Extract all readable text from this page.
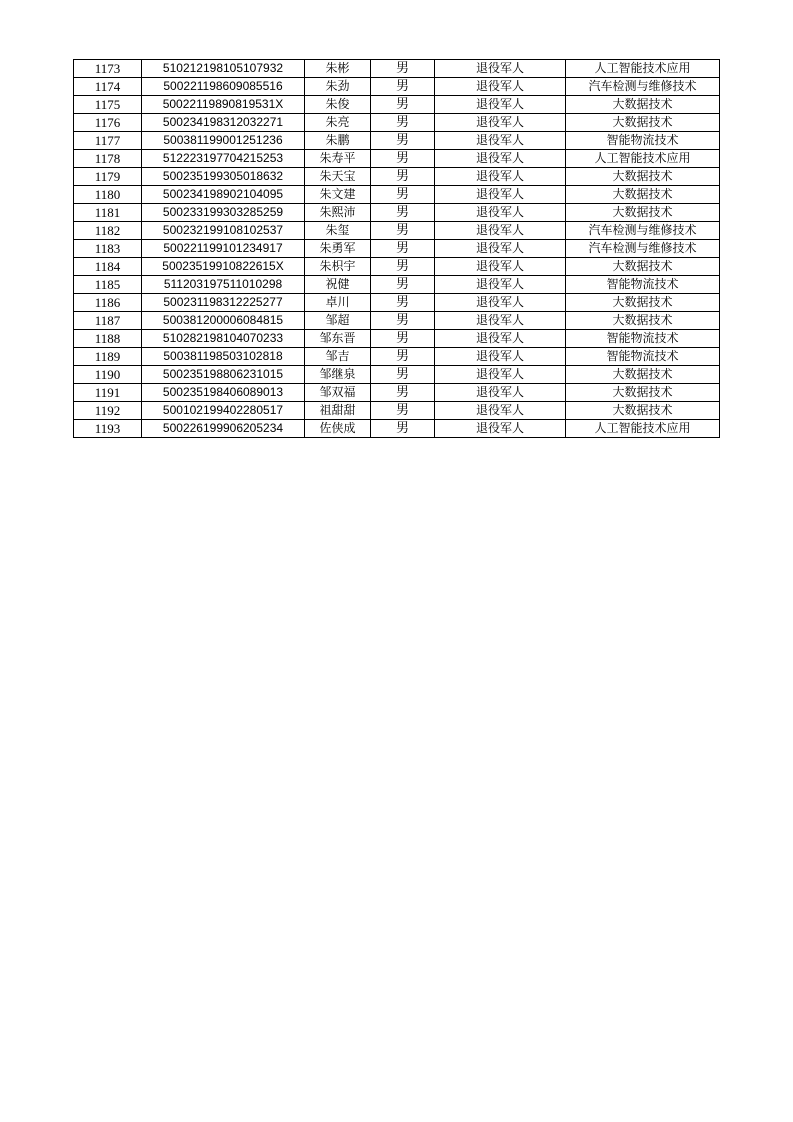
1173	510212198105107932	朱彬	男	退役军人	人工智能技术应用
1174	500221198609085516	朱劲	男	退役军人	汽车检测与维修技术
1175	50022119890819531X	朱俊	男	退役军人	大数据技术
1176	500234198312032271	朱亮	男	退役军人	大数据技术
1177	500381199001251236	朱鹏	男	退役军人	智能物流技术
1178	512223197704215253	朱寿平	男	退役军人	人工智能技术应用
1179	500235199305018632	朱天宝	男	退役军人	大数据技术
1180	500234198902104095	朱文建	男	退役军人	大数据技术
1181	500233199303285259	朱熙沛	男	退役军人	大数据技术
1182	500232199108102537	朱玺	男	退役军人	汽车检测与维修技术
1183	500221199101234917	朱勇军	男	退役军人	汽车检测与维修技术
1184	50023519910822615X	朱枳宇	男	退役军人	大数据技术
1185	511203197511010298	祝健	男	退役军人	智能物流技术
1186	500231198312225277	卓川	男	退役军人	大数据技术
1187	500381200006084815	邹超	男	退役军人	大数据技术
1188	510282198104070233	邹东晋	男	退役军人	智能物流技术
1189	500381198503102818	邹吉	男	退役军人	智能物流技术
1190	500235198806231015	邹继泉	男	退役军人	大数据技术
1191	500235198406089013	邹双福	男	退役军人	大数据技术
1192	500102199402280517	祖甜甜	男	退役军人	大数据技术
1193	500226199906205234	佐侠成	男	退役军人	人工智能技术应用
